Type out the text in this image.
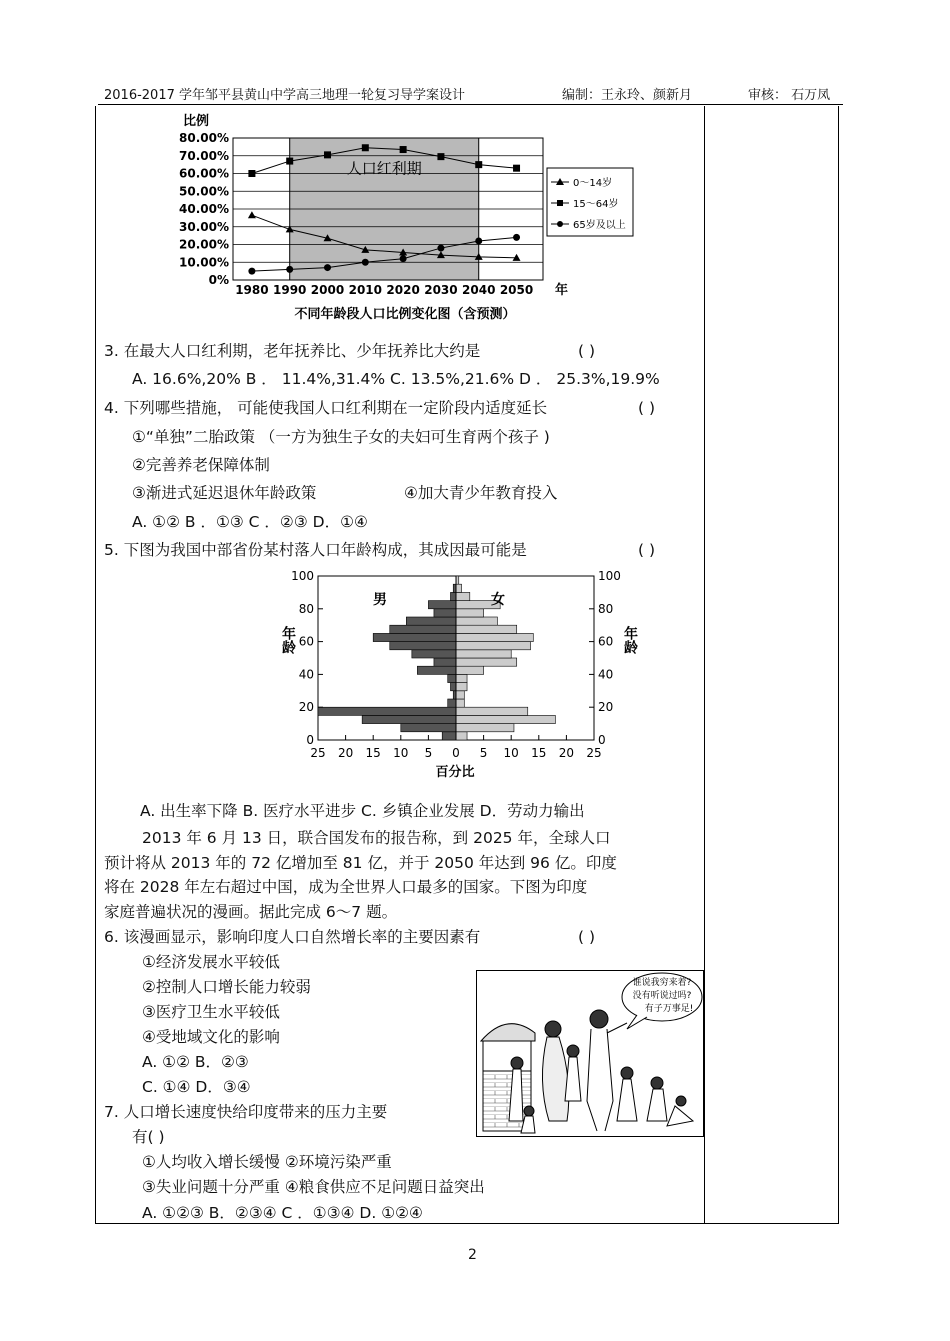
2016-2017 学年邹平县黄山中学高三地理一轮复习导学案设计	编制：王永玲、颜新月	审核： 石万凤
比例
80.00%
70.00%
60.00%
50.00%
40.00%
30.00%
20.00%
10.00%
0%
人口红利期
1980 1990 2000 2010 2020 2030 2040 2050 年
不同年龄段人口比例变化图（含预测）
0～14岁
15～64岁
65岁及以上
3. 在最大人口红利期，老年抚养比、少年抚养比大约是	( )
A. 16.6%,20% B ． 11.4%,31.4% C. 13.5%,21.6% D ． 25.3%,19.9%
4. 下列哪些措施， 可能使我国人口红利期在一定阶段内适度延长	( )
①“单独”二胎政策 （一方为独生子女的夫妇可生育两个孩子 )
②完善养老保障体制
③渐进式延迟退休年龄政策	④加大青少年教育投入
A. ①② B ．①③ C ．②③ D．①④
5. 下图为我国中部省份某村落人口年龄构成，其成因最可能是	( )
100	100
80	80
60	60
40	40
20	20
0	0
25 20 15 10 5 0 5 10 15 20 25
男	女
年龄	年龄
百分比
A. 出生率下降 B. 医疗水平进步 C. 乡镇企业发展 D．劳动力输出
2013 年 6 月 13 日，联合国发布的报告称，到 2025 年，全球人口
预计将从 2013 年的 72 亿增加至 81 亿，并于 2050 年达到 96 亿。印度
将在 2028 年左右超过中国，成为全世界人口最多的国家。下图为印度
家庭普遍状况的漫画。据此完成 6～7 题。
6. 该漫画显示，影响印度人口自然增长率的主要因素有	( )
①经济发展水平较低
②控制人口增长能力较弱
③医疗卫生水平较低
④受地域文化的影响
A. ①② B．②③
C. ①④ D．③④
7. 人口增长速度快给印度带来的压力主要
有( )
①人均收入增长缓慢 ②环境污染严重
③失业问题十分严重 ④粮食供应不足问题日益突出
A. ①②③ B．②③④ C ．①③④ D. ①②④
谁说我穷来着?
没有听说过吗?
有子万事足!
2
